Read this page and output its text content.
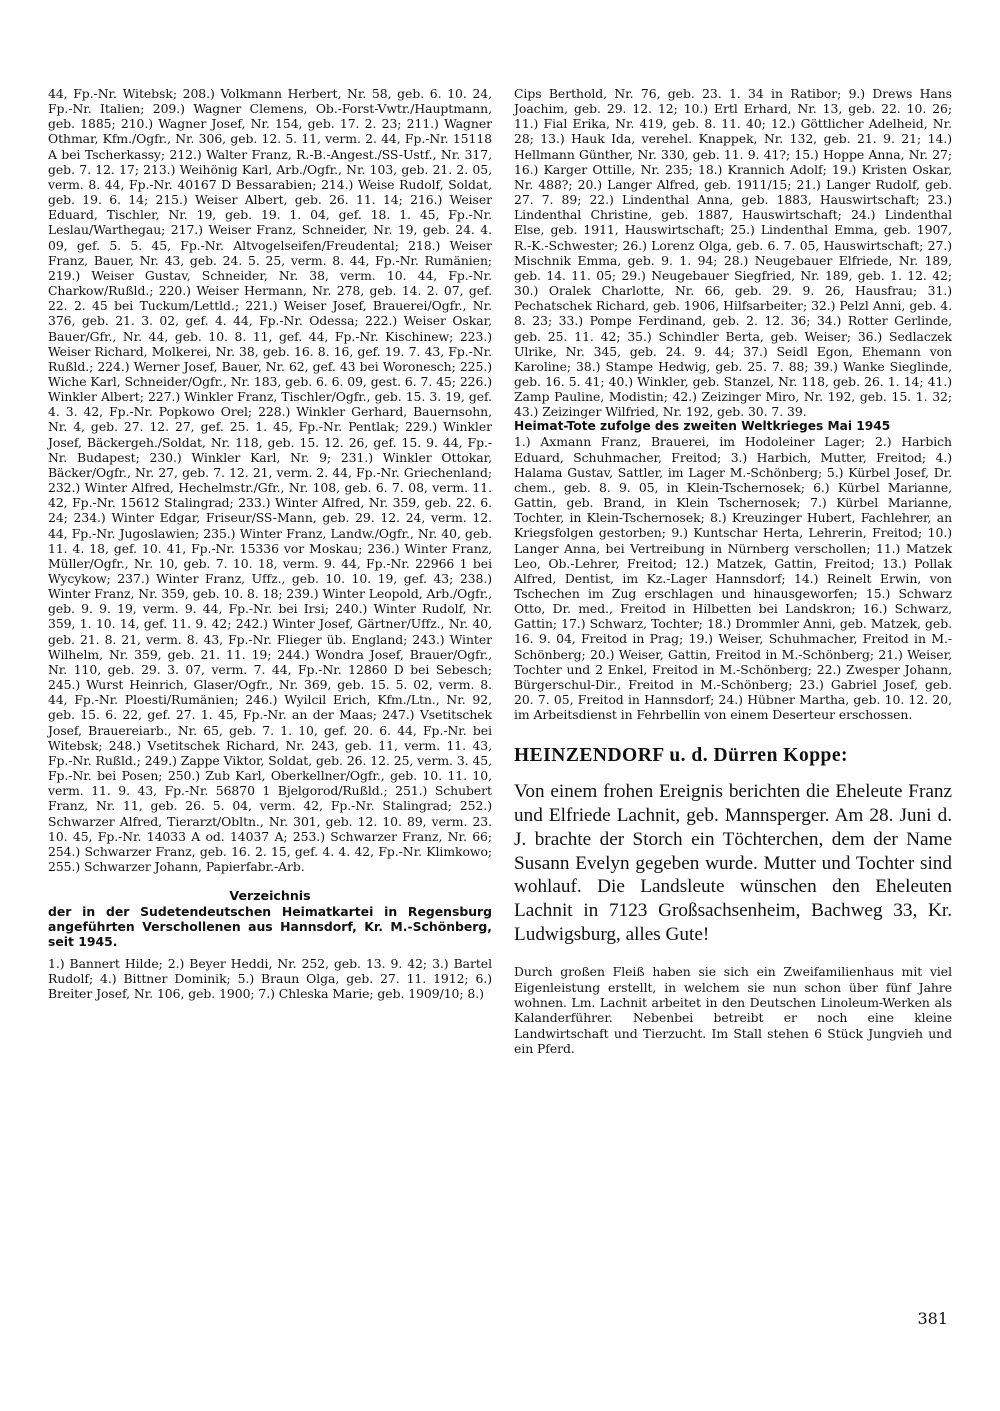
44, Fp.-Nr. Witebsk; 208.) Volkmann Herbert, Nr. 58, geb. 6. 10. 24, Fp.-Nr. Italien; 209.) Wagner Clemens, Ob.-Forst-Vwtr./Hauptmann, geb. 1885; 210.) Wagner Josef, Nr. 154, geb. 17. 2. 23; 211.) Wagner Othmar, Kfm./Ogfr., Nr. 306, geb. 12. 5. 11, verm. 2. 44, Fp.-Nr. 15118 A bei Tscherkassy; 212.) Walter Franz, R.-B.-Angest./SS-Ustf., Nr. 317, geb. 7. 12. 17; 213.) Weihönig Karl, Arb./Ogfr., Nr. 103, geb. 21. 2. 05, verm. 8. 44, Fp.-Nr. 40167 D Bessarabien; 214.) Weise Rudolf, Soldat, geb. 19. 6. 14; 215.) Weiser Albert, geb. 26. 11. 14; 216.) Weiser Eduard, Tischler, Nr. 19, geb. 19. 1. 04, gef. 18. 1. 45, Fp.-Nr. Leslau/Warthegau; 217.) Weiser Franz, Schneider, Nr. 19, geb. 24. 4. 09, gef. 5. 5. 45, Fp.-Nr. Altvogelseifen/Freudental; 218.) Weiser Franz, Bauer, Nr. 43, geb. 24. 5. 25, verm. 8. 44, Fp.-Nr. Rumänien; 219.) Weiser Gustav, Schneider, Nr. 38, verm. 10. 44, Fp.-Nr. Charkow/Rußld.; 220.) Weiser Hermann, Nr. 278, geb. 14. 2. 07, gef. 22. 2. 45 bei Tuckum/Lettld.; 221.) Weiser Josef, Brauerei/Ogfr., Nr. 376, geb. 21. 3. 02, gef. 4. 44, Fp.-Nr. Odessa; 222.) Weiser Oskar, Bauer/Gfr., Nr. 44, geb. 10. 8. 11, gef. 44, Fp.-Nr. Kischinew; 223.) Weiser Richard, Molkerei, Nr. 38, geb. 16. 8. 16, gef. 19. 7. 43, Fp.-Nr. Rußld.; 224.) Werner Josef, Bauer, Nr. 62, gef. 43 bei Woronesch; 225.) Wiche Karl, Schneider/Ogfr., Nr. 183, geb. 6. 6. 09, gest. 6. 7. 45; 226.) Winkler Albert; 227.) Winkler Franz, Tischler/Ogfr., geb. 15. 3. 19, gef. 4. 3. 42, Fp.-Nr. Popkowo Orel; 228.) Winkler Gerhard, Bauernsohn, Nr. 4, geb. 27. 12. 27, gef. 25. 1. 45, Fp.-Nr. Pentlak; 229.) Winkler Josef, Bäckergeh./Soldat, Nr. 118, geb. 15. 12. 26, gef. 15. 9. 44, Fp.-Nr. Budapest; 230.) Winkler Karl, Nr. 9; 231.) Winkler Ottokar, Bäcker/Ogfr., Nr. 27, geb. 7. 12. 21, verm. 2. 44, Fp.-Nr. Griechenland; 232.) Winter Alfred, Hechelmstr./Gfr., Nr. 108, geb. 6. 7. 08, verm. 11. 42, Fp.-Nr. 15612 Stalingrad; 233.) Winter Alfred, Nr. 359, geb. 22. 6. 24; 234.) Winter Edgar, Friseur/SS-Mann, geb. 29. 12. 24, verm. 12. 44, Fp.-Nr. Jugoslawien; 235.) Winter Franz, Landw./Ogfr., Nr. 40, geb. 11. 4. 18, gef. 10. 41, Fp.-Nr. 15336 vor Moskau; 236.) Winter Franz, Müller/Ogfr., Nr. 10, geb. 7. 10. 18, verm. 9. 44, Fp.-Nr. 22966 1 bei Wycykow; 237.) Winter Franz, Uffz., geb. 10. 10. 19, gef. 43; 238.) Winter Franz, Nr. 359, geb. 10. 8. 18; 239.) Winter Leopold, Arb./Ogfr., geb. 9. 9. 19, verm. 9. 44, Fp.-Nr. bei Irsi; 240.) Winter Rudolf, Nr. 359, 1. 10. 14, gef. 11. 9. 42; 242.) Winter Josef, Gärtner/Uffz., Nr. 40, geb. 21. 8. 21, verm. 8. 43, Fp.-Nr. Flieger üb. England; 243.) Winter Wilhelm, Nr. 359, geb. 21. 11. 19; 244.) Wondra Josef, Brauer/Ogfr., Nr. 110, geb. 29. 3. 07, verm. 7. 44, Fp.-Nr. 12860 D bei Sebesch; 245.) Wurst Heinrich, Glaser/Ogfr., Nr. 369, geb. 15. 5. 02, verm. 8. 44, Fp.-Nr. Ploesti/Rumänien; 246.) Wyilcil Erich, Kfm./Ltn., Nr. 92, geb. 15. 6. 22, gef. 27. 1. 45, Fp.-Nr. an der Maas; 247.) Vsetitschek Josef, Brauereiarb., Nr. 65, geb. 7. 1. 10, gef. 20. 6. 44, Fp.-Nr. bei Witebsk; 248.) Vsetitschek Richard, Nr. 243, geb. 11, verm. 11. 43, Fp.-Nr. Rußld.; 249.) Zappe Viktor, Soldat, geb. 26. 12. 25, verm. 3. 45, Fp.-Nr. bei Posen; 250.) Zub Karl, Oberkellner/Ogfr., geb. 10. 11. 10, verm. 11. 9. 43, Fp.-Nr. 56870 1 Bjelgorod/Rußld.; 251.) Schubert Franz, Nr. 11, geb. 26. 5. 04, verm. 42, Fp.-Nr. Stalingrad; 252.) Schwarzer Alfred, Tierarzt/Obltn., Nr. 301, geb. 12. 10. 89, verm. 23. 10. 45, Fp.-Nr. 14033 A od. 14037 A; 253.) Schwarzer Franz, Nr. 66; 254.) Schwarzer Franz, geb. 16. 2. 15, gef. 4. 4. 42, Fp.-Nr. Klimkowo; 255.) Schwarzer Johann, Papierfabr.-Arb.

Verzeichnis

der in der Sudetendeutschen Heimatkartei in Regensburg angeführten Verschollenen aus Hannsdorf, Kr. M.-Schönberg, seit 1945.

1.) Bannert Hilde; 2.) Beyer Heddi, Nr. 252, geb. 13. 9. 42; 3.) Bartel Rudolf; 4.) Bittner Dominik; 5.) Braun Olga, geb. 27. 11. 1912; 6.) Breiter Josef, Nr. 106, geb. 1900; 7.) Chleska Marie; geb. 1909/10; 8.)

Cips Berthold, Nr. 76, geb. 23. 1. 34 in Ratibor; 9.) Drews Hans Joachim, geb. 29. 12. 12; 10.) Ertl Erhard, Nr. 13, geb. 22. 10. 26; 11.) Fial Erika, Nr. 419, geb. 8. 11. 40; 12.) Göttlicher Adelheid, Nr. 28; 13.) Hauk Ida, verehel. Knappek, Nr. 132, geb. 21. 9. 21; 14.) Hellmann Günther, Nr. 330, geb. 11. 9. 41?; 15.) Hoppe Anna, Nr. 27; 16.) Karger Ottille, Nr. 235; 18.) Krannich Adolf; 19.) Kristen Oskar, Nr. 488?; 20.) Langer Alfred, geb. 1911/15; 21.) Langer Rudolf, geb. 27. 7. 89; 22.) Lindenthal Anna, geb. 1883, Hauswirtschaft; 23.) Lindenthal Christine, geb. 1887, Hauswirtschaft; 24.) Lindenthal Else, geb. 1911, Hauswirtschaft; 25.) Lindenthal Emma, geb. 1907, R.-K.-Schwester; 26.) Lorenz Olga, geb. 6. 7. 05, Hauswirtschaft; 27.) Mischnik Emma, geb. 9. 1. 94; 28.) Neugebauer Elfriede, Nr. 189, geb. 14. 11. 05; 29.) Neugebauer Siegfried, Nr. 189, geb. 1. 12. 42; 30.) Oralek Charlotte, Nr. 66, geb. 29. 9. 26, Hausfrau; 31.) Pechatschek Richard, geb. 1906, Hilfsarbeiter; 32.) Pelzl Anni, geb. 4. 8. 23; 33.) Pompe Ferdinand, geb. 2. 12. 36; 34.) Rotter Gerlinde, geb. 25. 11. 42; 35.) Schindler Berta, geb. Weiser; 36.) Sedlaczek Ulrike, Nr. 345, geb. 24. 9. 44; 37.) Seidl Egon, Ehemann von Karoline; 38.) Stampe Hedwig, geb. 25. 7. 88; 39.) Wanke Sieglinde, geb. 16. 5. 41; 40.) Winkler, geb. Stanzel, Nr. 118, geb. 26. 1. 14; 41.) Zamp Pauline, Modistin; 42.) Zeizinger Miro, Nr. 192, geb. 15. 1. 32; 43.) Zeizinger Wilfried, Nr. 192, geb. 30. 7. 39.

Heimat-Tote zufolge des zweiten Weltkrieges Mai 1945

1.) Axmann Franz, Brauerei, im Hodoleiner Lager; 2.) Harbich Eduard, Schuhmacher, Freitod; 3.) Harbich, Mutter, Freitod; 4.) Halama Gustav, Sattler, im Lager M.-Schönberg; 5.) Kürbel Josef, Dr. chem., geb. 8. 9. 05, in Klein-Tschernosek; 6.) Kürbel Marianne, Gattin, geb. Brand, in Klein Tschernosek; 7.) Kürbel Marianne, Tochter, in Klein-Tschernosek; 8.) Kreuzinger Hubert, Fachlehrer, an Kriegsfolgen gestorben; 9.) Kuntschar Herta, Lehrerin, Freitod; 10.) Langer Anna, bei Vertreibung in Nürnberg verschollen; 11.) Matzek Leo, Ob.-Lehrer, Freitod; 12.) Matzek, Gattin, Freitod; 13.) Pollak Alfred, Dentist, im Kz.-Lager Hannsdorf; 14.) Reinelt Erwin, von Tschechen im Zug erschlagen und hinausgeworfen; 15.) Schwarz Otto, Dr. med., Freitod in Hilbetten bei Landskron; 16.) Schwarz, Gattin; 17.) Schwarz, Tochter; 18.) Drommler Anni, geb. Matzek, geb. 16. 9. 04, Freitod in Prag; 19.) Weiser, Schuhmacher, Freitod in M.-Schönberg; 20.) Weiser, Gattin, Freitod in M.-Schönberg; 21.) Weiser, Tochter und 2 Enkel, Freitod in M.-Schönberg; 22.) Zwesper Johann, Bürgerschul-Dir., Freitod in M.-Schönberg; 23.) Gabriel Josef, geb. 20. 7. 05, Freitod in Hannsdorf; 24.) Hübner Martha, geb. 10. 12. 20, im Arbeitsdienst in Fehrbellin von einem Deserteur erschossen.

HEINZENDORF u. d. Dürren Koppe:

Von einem frohen Ereignis berichten die Eheleute Franz und Elfriede Lachnit, geb. Mannsperger. Am 28. Juni d. J. brachte der Storch ein Töchterchen, dem der Name Susann Evelyn gegeben wurde. Mutter und Tochter sind wohlauf. Die Landsleute wünschen den Eheleuten Lachnit in 7123 Großsachsenheim, Bachweg 33, Kr. Ludwigsburg, alles Gute!

Durch großen Fleiß haben sie sich ein Zweifamilienhaus mit viel Eigenleistung erstellt, in welchem sie nun schon über fünf Jahre wohnen. Lm. Lachnit arbeitet in den Deutschen Linoleum-Werken als Kalanderführer. Nebenbei betreibt er noch eine kleine Landwirtschaft und Tierzucht. Im Stall stehen 6 Stück Jungvieh und ein Pferd.

381
